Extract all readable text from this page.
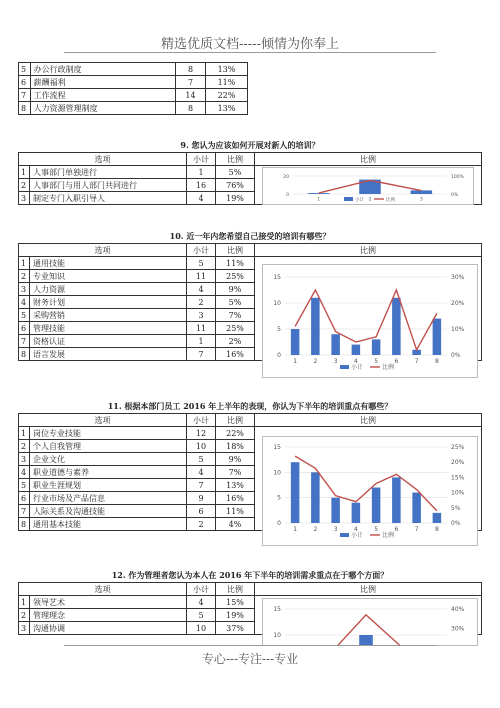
精选优质文档-----倾情为你奉上
5	办公行政制度	8	13%	
6	薪酬福利	7	11%	
7	工作流程	14	22%	
8	人力资源管理制度	8	13%	
9. 您认为应该如何开展对新人的培训？
选项		小计	比例	比例
1	人事部门单独进行	1	5%	
2	人事部门与用人部门共同进行	16	76%	
3	制定专门入职引导人	4	19%		0
20
0%
100%
1	2	3
小计	比例
10. 近一年内您希望自己接受的培训有哪些？
选项		小计	比例	比例
1	通用技能	5	11%	
2	专业知识	11	25%	
3	人力资源	4	9%	
4	财务计划	2	5%	
5	采购营销	3	7%	
6	管理技能	11	25%	
7	资格认证	1	2%	
8	语言发展	7	16%		0
5
10
15
0%
10%
20%
30%
1	2	3	4	5	6	7	8
小计	比例
11. 根据本部门员工 2016 年上半年的表现，你认为下半年的培训重点有哪些？
选项		小计	比例	比例
1	岗位专业技能	12	22%	
2	个人自我管理	10	18%	
3	企业文化	5	9%	
4	职业道德与素养	4	7%	
5	职业生涯规划	7	13%	
6	行业市场及产品信息	9	16%	
7	人际关系及沟通技能	6	11%	
8	通用基本技能	2	4%		0
5
10
15
0%
5%
10%
15%
20%
25%
1	2	3	4	5	6	7	8
小计	比例
12. 作为管理者您认为本人在 2016 年下半年的培训需求重点在于哪个方面？
选项		小计	比例	比例
1	领导艺术	4	15%	
2	管理理念	5	19%	
3	沟通协调	10	37%	
10
15
30%
40%
专心---专注---专业
